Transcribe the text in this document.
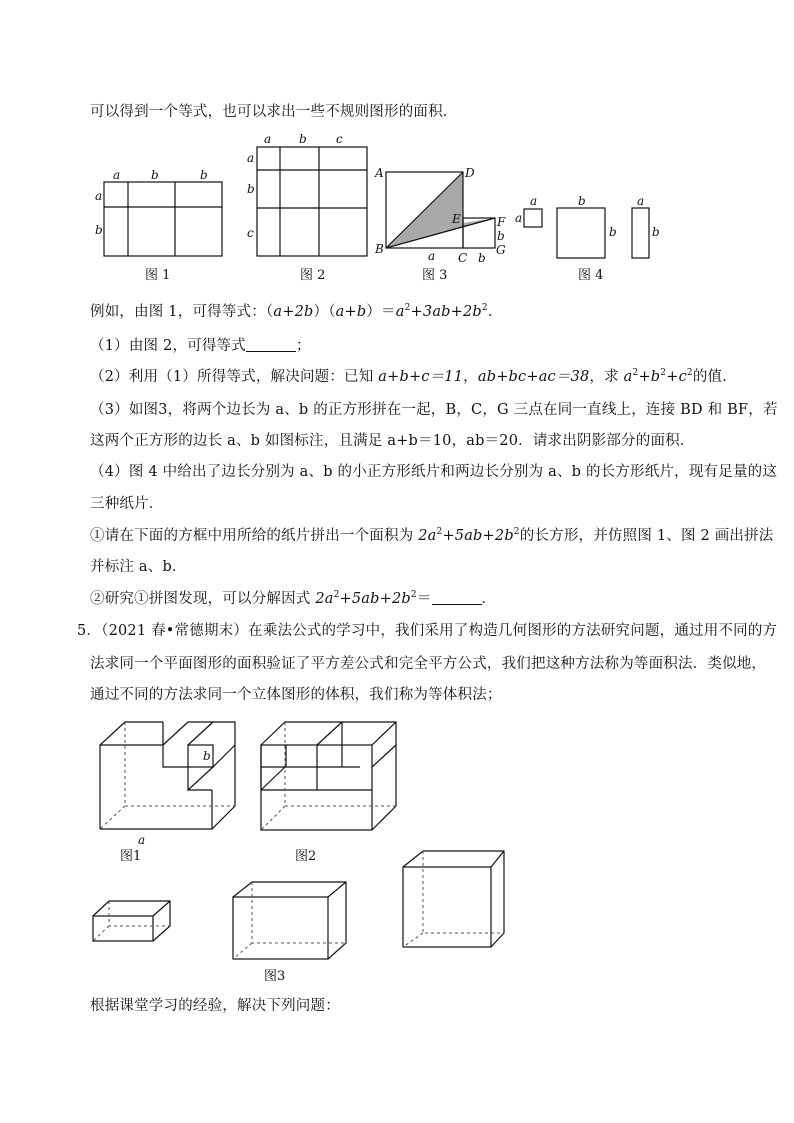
可以得到一个等式，也可以求出一些不规则图形的面积．
a	b	b
a
b
图 1
a b c
a
b
c
图 2
A	D
E	F
B
C
G
a	b
b
图 3
a
a
b
b
a
b
图 4
例如，由图 1，可得等式：$(a+2b)(a+b)=a^2+3ab+2b^2$．
（1）由图 2，可得等式	；
（2）利用（1）所得等式，解决问题：已知 a+b+c＝11，ab+bc+ac＝38，求 $a^2+b^2+c^2$的值．
（3）如图3，将两个边长为 a、b 的正方形拼在一起，B，C，G 三点在同一直线上，连接 BD 和 BF，若
这两个正方形的边长 a、b 如图标注，且满足 a+b＝10，ab＝20．请求出阴影部分的面积．
（4）图 4 中给出了边长分别为 a、b 的小正方形纸片和两边长分别为 a、b 的长方形纸片，现有足量的这
三种纸片．
①请在下面的方框中用所给的纸片拼出一个面积为 $2a^2+5ab+2b^2$的长方形，并仿照图 1、图 2 画出拼法
并标注 a、b．
②研究①拼图发现，可以分解因式 $2a^2+5ab+2b^2=$	．
5．（2021 春•常德期末）在乘法公式的学习中，我们采用了构造几何图形的方法研究问题，通过用不同的方
法求同一个平面图形的面积验证了平方差公式和完全平方公式，我们把这种方法称为等面积法．类似地，
通过不同的方法求同一个立体图形的体积，我们称为等体积法；
b
a
图1	图2
图3
根据课堂学习的经验，解决下列问题：
